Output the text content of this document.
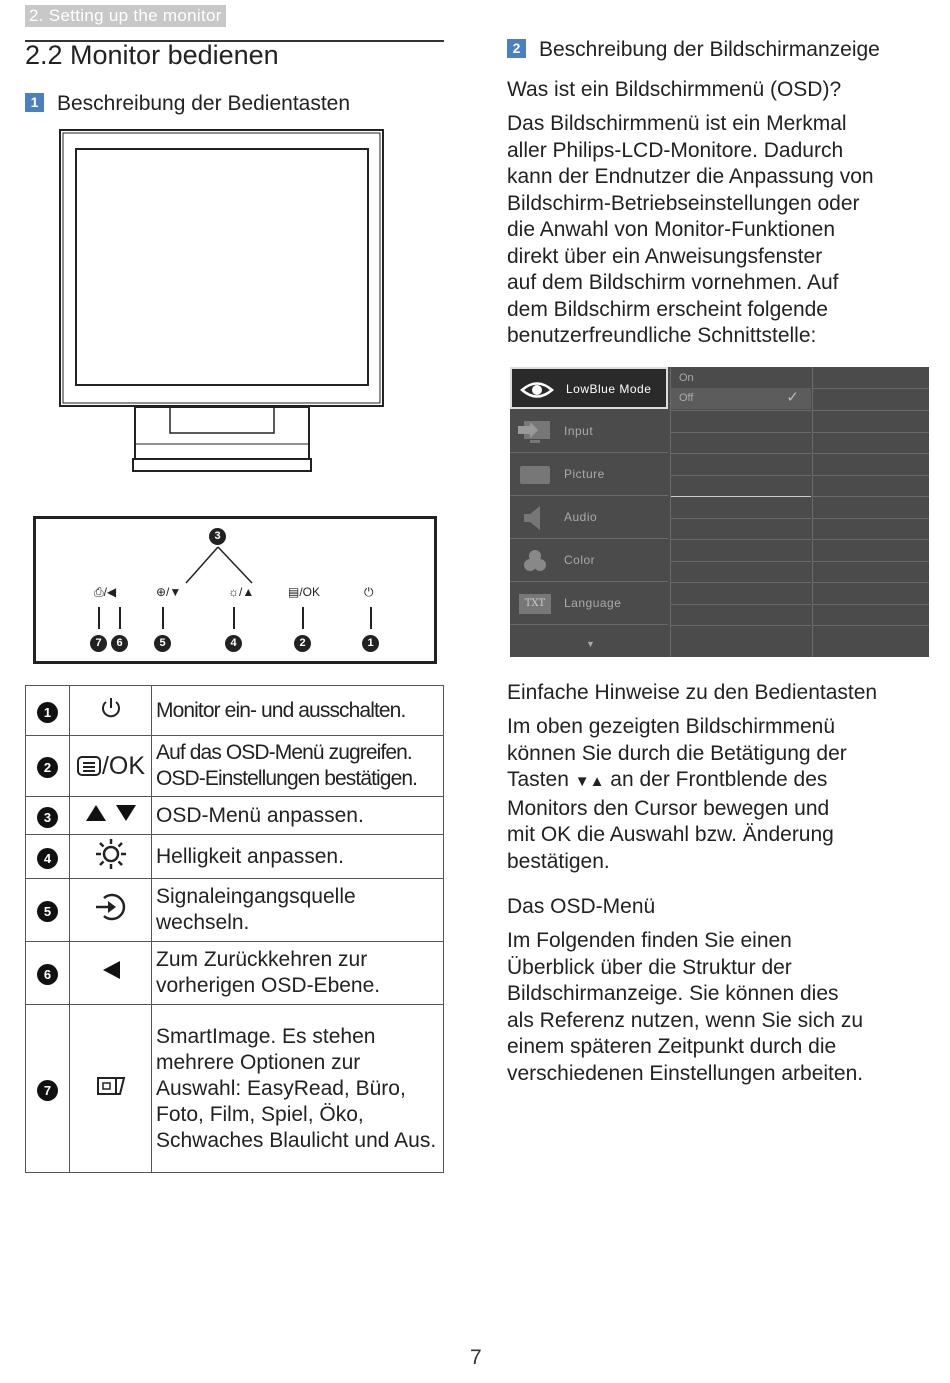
2. Setting up the monitor
2.2 Monitor bedienen
1 Beschreibung der Bedientasten
3
⎙/◀	⊕/▼	☼/▲	▤/OK	⏻
7	6	5	4	2	1
1		Monitor ein- und ausschalten.
2	/OK	Auf das OSD-Menü zugreifen.
OSD-Einstellungen bestätigen.

3		OSD-Menü anpassen.
4		Helligkeit anpassen.
5		Signaleingangsquelle wechseln.
6		Zum Zurückkehren zur vorherigen OSD-Ebene.
7		SmartImage. Es stehen mehrere Optionen zur Auswahl: EasyRead, Büro, Foto, Film, Spiel, Öko, Schwaches Blaulicht und Aus.
2 Beschreibung der Bildschirmanzeige
Was ist ein Bildschirmmenü (OSD)?
Das Bildschirmmenü ist ein Merkmal
aller Philips-LCD-Monitore. Dadurch
kann der Endnutzer die Anpassung von
Bildschirm-Betriebseinstellungen oder
die Anwahl von Monitor-Funktionen
direkt über ein Anweisungsfenster
auf dem Bildschirm vornehmen. Auf
dem Bildschirm erscheint folgende
benutzerfreundliche Schnittstelle:
LowBlue Mode
Input
Picture
Audio
Color
TXT Language
▼
On
Off	✓
Einfache Hinweise zu den Bedientasten
Im oben gezeigten Bildschirmmenü
können Sie durch die Betätigung der
Tasten ▼▲ an der Frontblende des
Monitors den Cursor bewegen und
mit OK die Auswahl bzw. Änderung
bestätigen.
Das OSD-Menü
Im Folgenden finden Sie einen
Überblick über die Struktur der
Bildschirmanzeige. Sie können dies
als Referenz nutzen, wenn Sie sich zu
einem späteren Zeitpunkt durch die
verschiedenen Einstellungen arbeiten.
7
